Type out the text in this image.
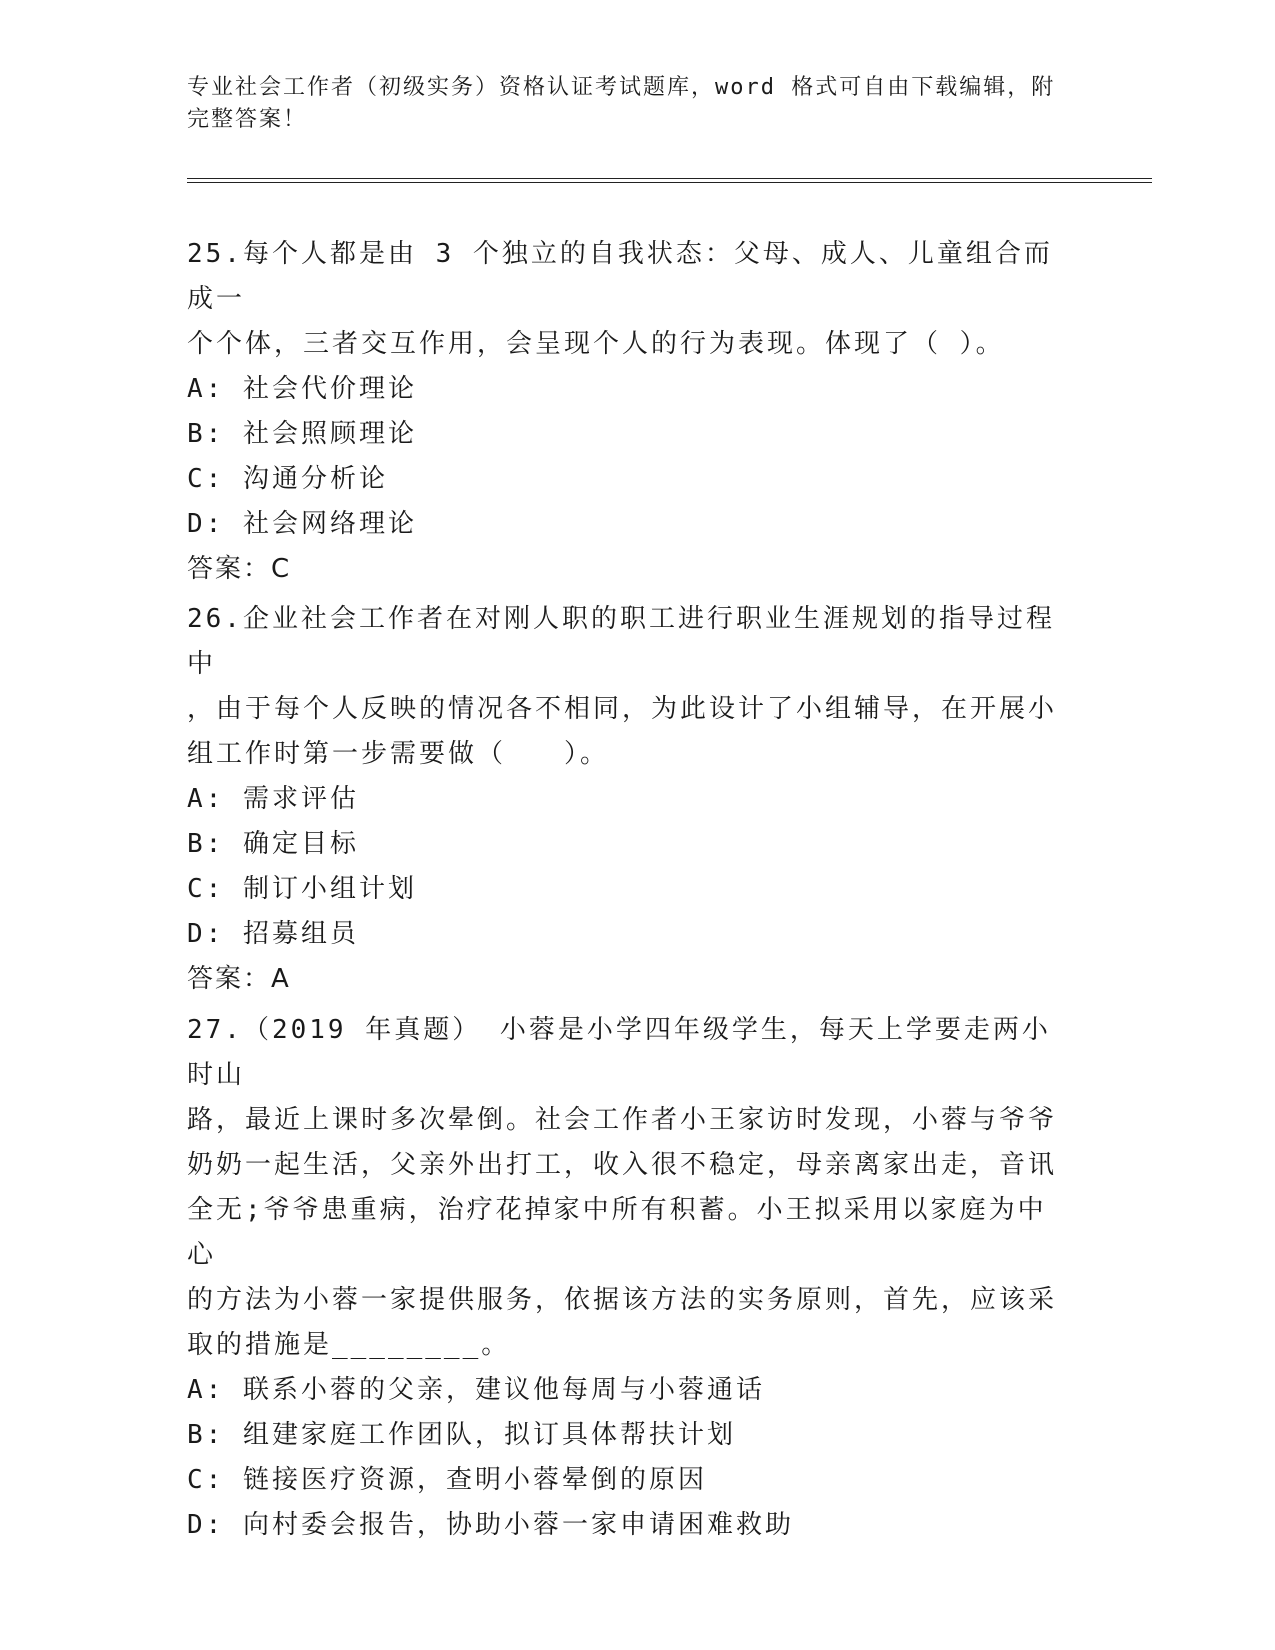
专业社会工作者（初级实务）资格认证考试题库，word 格式可自由下载编辑，附
完整答案！

25.每个人都是由 3 个独立的自我状态：父母、成人、儿童组合而成一
个个体，三者交互作用，会呈现个人的行为表现。体现了（ ）。

A: 社会代价理论

B: 社会照顾理论

C: 沟通分析论

D: 社会网络理论

答案：C

26.企业社会工作者在对刚人职的职工进行职业生涯规划的指导过程中
，由于每个人反映的情况各不相同，为此设计了小组辅导，在开展小
组工作时第一步需要做（　　）。

A: 需求评估

B: 确定目标

C: 制订小组计划

D: 招募组员

答案：A

27.（2019 年真题） 小蓉是小学四年级学生，每天上学要走两小时山
路，最近上课时多次晕倒。社会工作者小王家访时发现，小蓉与爷爷
奶奶一起生活，父亲外出打工，收入很不稳定，母亲离家出走，音讯
全无;爷爷患重病，治疗花掉家中所有积蓄。小王拟采用以家庭为中心
的方法为小蓉一家提供服务，依据该方法的实务原则，首先，应该采
取的措施是________。

A: 联系小蓉的父亲，建议他每周与小蓉通话

B: 组建家庭工作团队，拟订具体帮扶计划

C: 链接医疗资源，查明小蓉晕倒的原因

D: 向村委会报告，协助小蓉一家申请困难救助
